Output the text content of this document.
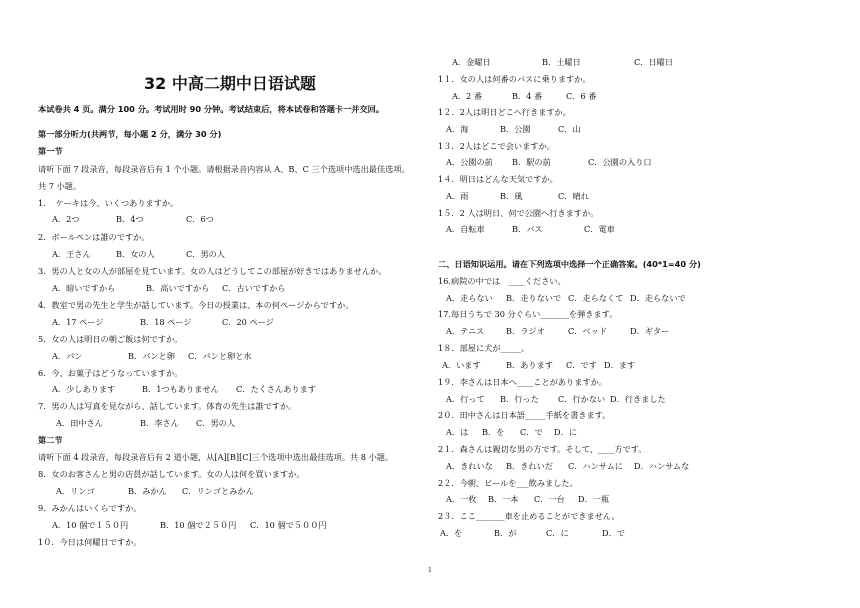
32 中高二期中日语试题
本试卷共 4 页。满分 100 分。考试用时 90 分钟。考试结束后，将本试卷和答题卡一并交回。
第一部分听力(共两节，每小题 2 分，满分 30 分)
第一节
请听下面 7 段录音，每段录音后有 1 个小题。请根据录音内容从 A、B、C 三个选项中选出最佳选项。
共 7 小题。
1．　ケーキは今、いくつありますか。
A．2つ	B．4つ	C．6つ
2．ボールペンは誰のですか。
A．王さん	B．女の人	C．男の人
3．男の人と女の人が部屋を見ています。女の人はどうしてこの部屋が好きではありませんか。
A．暗いですから	B．高いですから C．古いですから
4．教室で男の先生と学生が話しています。今日の授業は、本の何ページからですか。
A．17 ページ	B．18 ページ	C．20 ページ
5．女の人は明日の朝ご飯は何ですか。
A．パン	B．パンと卵 C．パンと卵と水
6．今、お菓子はどうなっていますか。
A．少しあります	B．1つもありません C．たくさんあります
7．男の人は写真を見ながら、話しています。体育の先生は誰ですか。
A．田中さん	B．李さん C．男の人
第二节
请听下面 4 段录音，每段录音后有 2 道小题，从[A][B][C]三个选项中选出最佳选项。共 8 小题。
8．女のお客さんと男の店員が話しています。女の人は何を買いますか。
A．リンゴ	B．みかん C．リンゴとみかん
9．みかんはいくらですか。
A．10 個で１５０円	B．10 個で２５０円 C．10 個で５００円
1０．今日は何曜日ですか。
A．金曜日	B．土曜日	C．日曜日
1１．女の人は何番のバスに乗りますか。
A．2 番	B．4 番	C．6 番
1２．2人は明日どこへ行きますか。
A．海	B．公園	C．山
1３．2人はどこで会いますか。
A．公園の前 B．駅の前	C．公園の入り口
1４．明日はどんな天気ですか。
A．雨	B．風	C．晴れ
1５．2 人は明日、何で公園へ行きますか。
A．自転車	B．バス	C．電車
二、日语知识运用。请在下列选项中选择一个正确答案。(40*1=40 分)
16.病院の中では　____ください。
A．走らない B．走りないで C．走らなくて D．走らないで
17.毎日うちで 30 分ぐらい_______を弾きます。
A．テニス	B．ラジオ	C．ベッド	D．ギター
1８．部屋に犬が_____。
A．います	B．あります C．です D．ます
1９．李さんは日本へ____ことがありますか。
A．行って B．行った C．行かない D．行きました
2０．田中さんは日本語_____手紙を書きます。
A．は B．を C．で D．に
2１．森さんは親切な男の方です。そして、____方です。
A．きれいな B．きれいだ C．ハンサムに D．ハンサムな
2２．今朝、ビールを___飲みました。
A．一枚 B．一本 C．一台 D．一瓶
2３．ここ_______車を止めることができません。
A．を	B．が	C．に	D．で
1
